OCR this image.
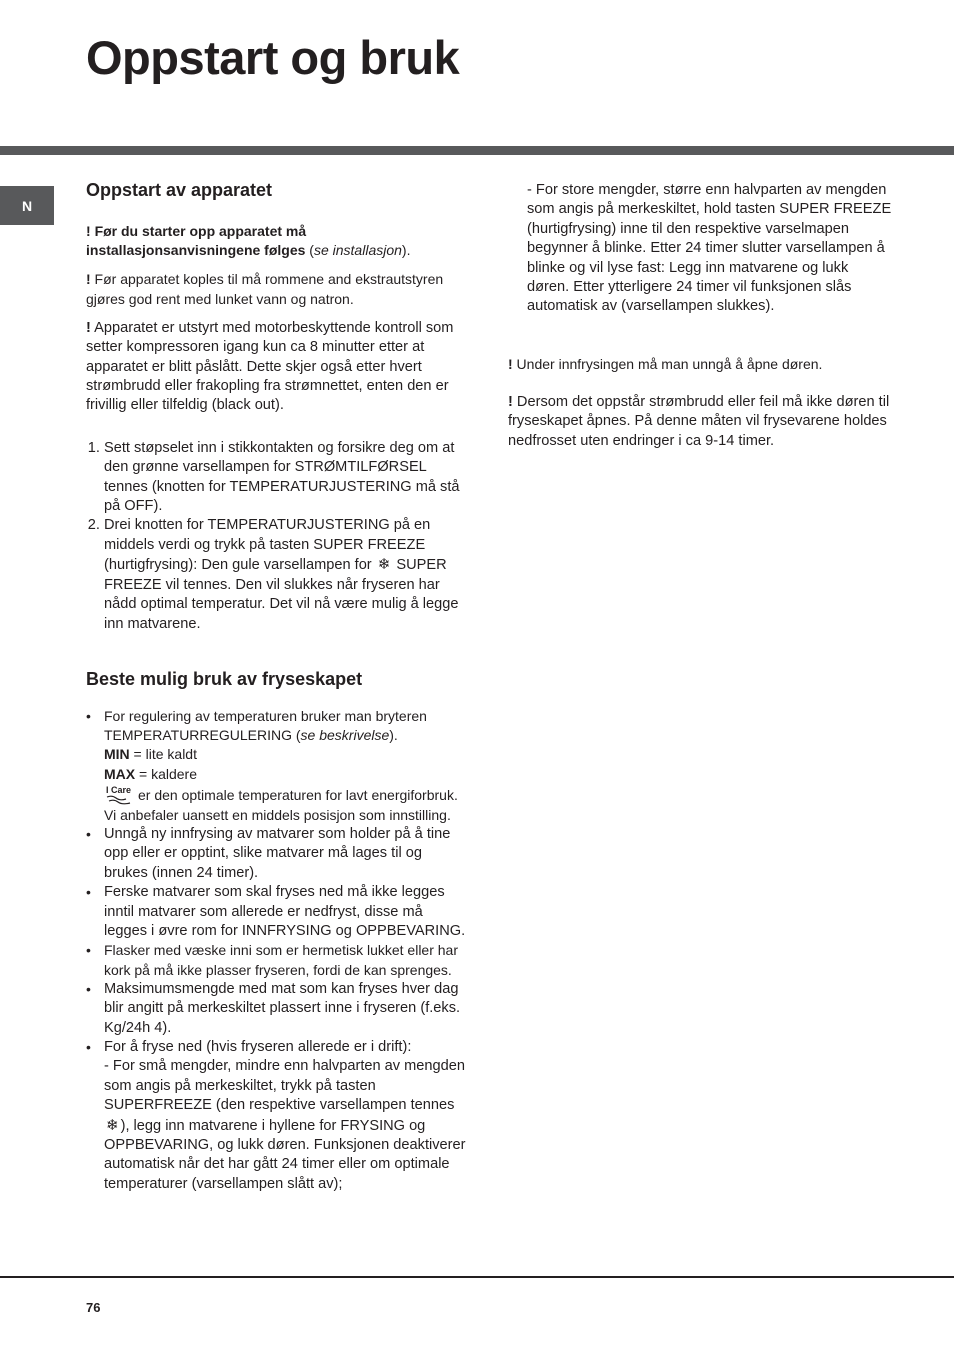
Oppstart og bruk
N
Oppstart av apparatet

! Før du starter opp apparatet må installasjonsanvisningene følges (se installasjon).

! Før apparatet koples til må rommene and ekstrautstyren gjøres god rent med lunket vann og natron.

! Apparatet er utstyrt med motorbeskyttende kontroll som setter kompressoren igang kun ca 8 minutter etter at apparatet er blitt påslått. Dette skjer også etter hvert strømbrudd eller frakopling fra strømnettet, enten den er frivillig eller tilfeldig (black out).

1. Sett støpselet inn i stikkontakten og forsikre deg om at den grønne varsellampen for STRØMTILFØRSEL tennes (knotten for TEMPERATURJUSTERING må stå på OFF).
2. Drei knotten for TEMPERATURJUSTERING på en middels verdi og trykk på tasten SUPER FREEZE (hurtigfrysing): Den gule varsellampen for ❄ SUPER FREEZE vil tennes. Den vil slukkes når fryseren har nådd optimal temperatur. Det vil nå være mulig å legge inn matvarene.
Beste mulig bruk av fryseskapet
• For regulering av temperaturen bruker man bryteren TEMPERATURREGULERING (se beskrivelse).
MIN = lite kaldt
MAX = kaldere

I Care er den optimale temperaturen for lavt energiforbruk.
Vi anbefaler uansett en middels posisjon som innstilling.
• Unngå ny innfrysing av matvarer som holder på å tine opp eller er opptint, slike matvarer må lages til og brukes (innen 24 timer).
• Ferske matvarer som skal fryses ned må ikke legges inntil matvarer som allerede er nedfryst, disse må legges i øvre rom for INNFRYSING og OPPBEVARING.
• Flasker med væske inni som er hermetisk lukket eller har kork på må ikke plasser fryseren, fordi de kan sprenges.
• Maksimumsmengde med mat som kan fryses hver dag blir angitt på merkeskiltet plassert inne i fryseren (f.eks. Kg/24h 4).
• For å fryse ned (hvis fryseren allerede er i drift):
- For små mengder, mindre enn halvparten av mengden som angis på merkeskiltet, trykk på tasten SUPERFREEZE (den respektive varsellampen tennes ❄ ), legg inn matvarene i hyllene for FRYSING og OPPBEVARING, og lukk døren. Funksjonen deaktiverer automatisk når det har gått 24 timer eller om optimale temperaturer (varsellampen slått av);

- For store mengder, større enn halvparten av mengden som angis på merkeskiltet, hold tasten SUPER FREEZE (hurtigfrysing) inne til den respektive varselmapen begynner å blinke. Etter 24 timer slutter varsellampen å blinke og vil lyse fast: Legg inn matvarene og lukk døren. Etter ytterligere 24 timer vil funksjonen slås automatisk av (varsellampen slukkes).

! Under innfrysingen må man unngå å åpne døren.

! Dersom det oppstår strømbrudd eller feil må ikke døren til fryseskapet åpnes. På denne måten vil frysevarene holdes nedfrosset uten endringer i ca 9-14 timer.

76
